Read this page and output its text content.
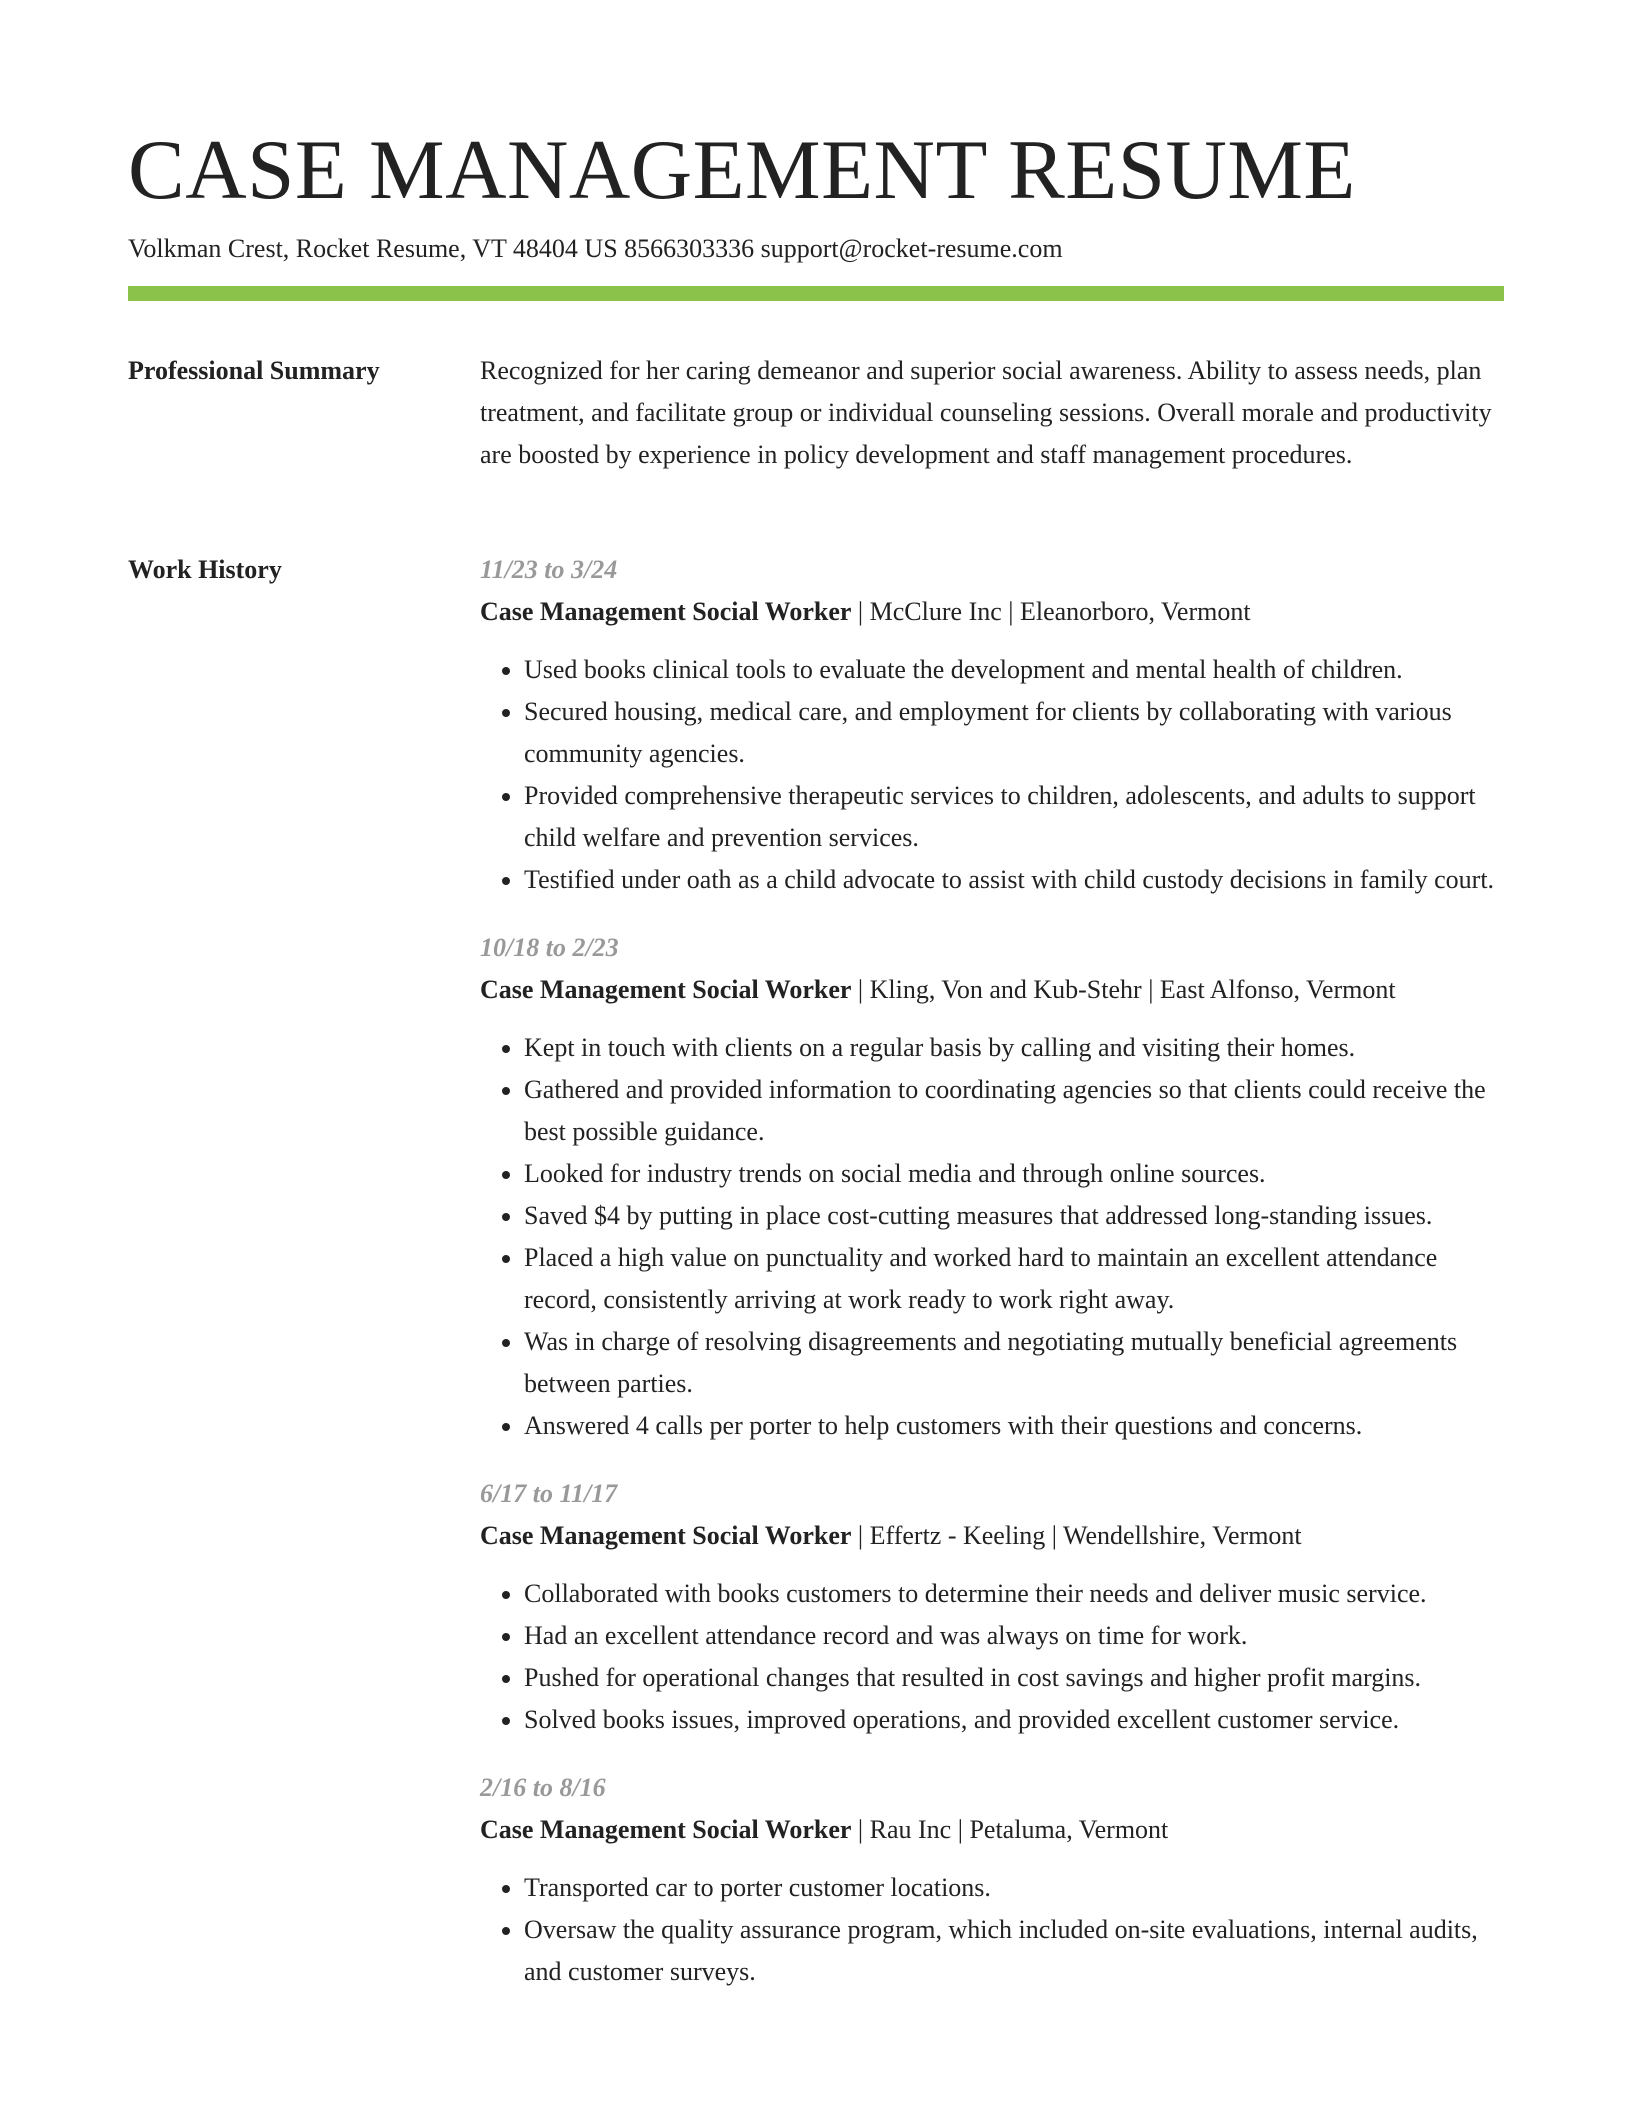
CASE MANAGEMENT RESUME
Volkman Crest, Rocket Resume, VT 48404 US 8566303336 support@rocket-resume.com
Professional Summary	Recognized for her caring demeanor and superior social awareness. Ability to assess needs, plan treatment, and facilitate group or individual counseling sessions. Overall morale and productivity are boosted by experience in policy development and staff management procedures.

Work History	11/23 to 3/24
Case Management Social Worker | McClure Inc | Eleanorboro, Vermont
• Used books clinical tools to evaluate the development and mental health of children.
• Secured housing, medical care, and employment for clients by collaborating with various community agencies.
• Provided comprehensive therapeutic services to children, adolescents, and adults to support child welfare and prevention services.
• Testified under oath as a child advocate to assist with child custody decisions in family court.
10/18 to 2/23
Case Management Social Worker | Kling, Von and Kub-Stehr | East Alfonso, Vermont
• Kept in touch with clients on a regular basis by calling and visiting their homes.
• Gathered and provided information to coordinating agencies so that clients could receive the best possible guidance.
• Looked for industry trends on social media and through online sources.
• Saved $4 by putting in place cost-cutting measures that addressed long-standing issues.
• Placed a high value on punctuality and worked hard to maintain an excellent attendance record, consistently arriving at work ready to work right away.
• Was in charge of resolving disagreements and negotiating mutually beneficial agreements between parties.
• Answered 4 calls per porter to help customers with their questions and concerns.
6/17 to 11/17
Case Management Social Worker | Effertz - Keeling | Wendellshire, Vermont
• Collaborated with books customers to determine their needs and deliver music service.
• Had an excellent attendance record and was always on time for work.
• Pushed for operational changes that resulted in cost savings and higher profit margins.
• Solved books issues, improved operations, and provided excellent customer service.
2/16 to 8/16
Case Management Social Worker | Rau Inc | Petaluma, Vermont
• Transported car to porter customer locations.
• Oversaw the quality assurance program, which included on-site evaluations, internal audits, and customer surveys.
